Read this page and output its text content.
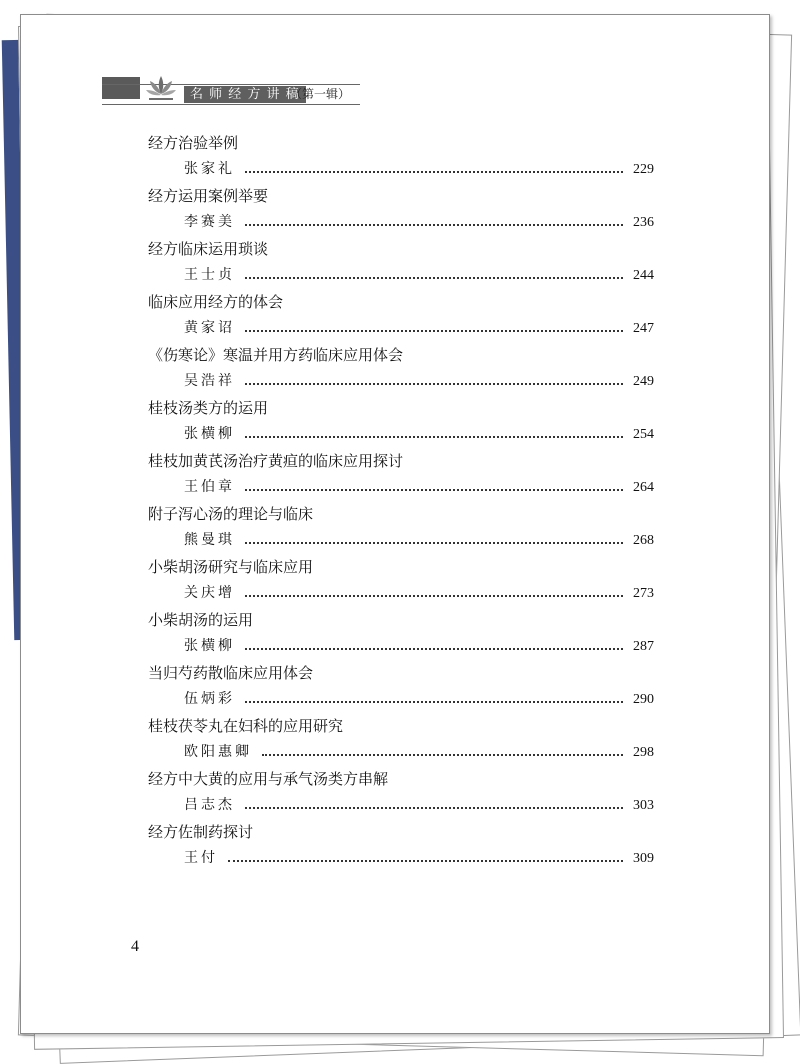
名 师 经 方 讲 稿
（第一辑）
经方治验举例
张家礼	229
经方运用案例举要
李赛美	236
经方临床运用琐谈
王士贞	244
临床应用经方的体会
黄家诏	247
《伤寒论》寒温并用方药临床应用体会
吴浩祥	249
桂枝汤类方的运用
张横柳	254
桂枝加黄芪汤治疗黄疸的临床应用探讨
王伯章	264
附子泻心汤的理论与临床
熊曼琪	268
小柴胡汤研究与临床应用
关庆增	273
小柴胡汤的运用
张横柳	287
当归芍药散临床应用体会
伍炳彩	290
桂枝茯苓丸在妇科的应用研究
欧阳惠卿	298
经方中大黄的应用与承气汤类方串解
吕志杰	303
经方佐制药探讨
王付	309
4
